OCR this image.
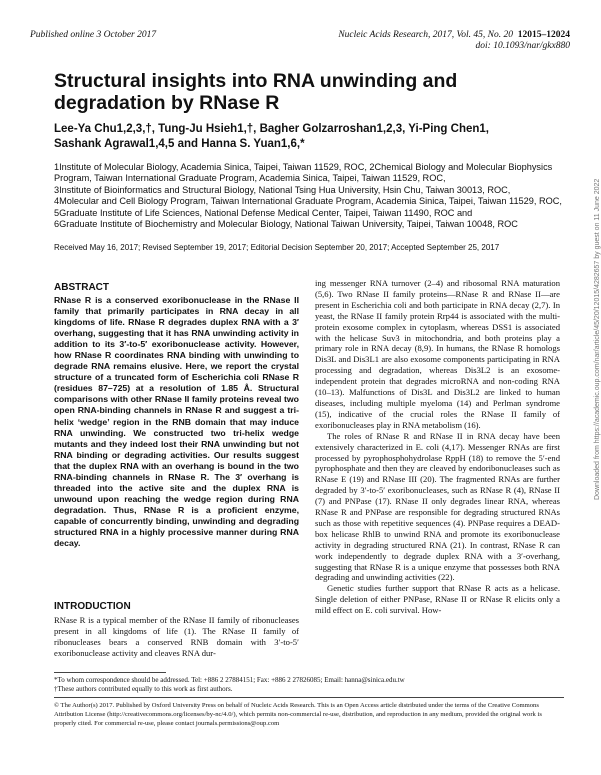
Published online 3 October 2017	Nucleic Acids Research, 2017, Vol. 45, No. 20 12015–12024
doi: 10.1093/nar/gkx880
Structural insights into RNA unwinding and degradation by RNase R
Lee-Ya Chu1,2,3,†, Tung-Ju Hsieh1,†, Bagher Golzarroshan1,2,3, Yi-Ping Chen1,
Sashank Agrawal1,4,5 and Hanna S. Yuan1,6,*
1Institute of Molecular Biology, Academia Sinica, Taipei, Taiwan 11529, ROC, 2Chemical Biology and Molecular Biophysics Program, Taiwan International Graduate Program, Academia Sinica, Taipei, Taiwan 11529, ROC,
3Institute of Bioinformatics and Structural Biology, National Tsing Hua University, Hsin Chu, Taiwan 30013, ROC,
4Molecular and Cell Biology Program, Taiwan International Graduate Program, Academia Sinica, Taipei, Taiwan 11529, ROC, 5Graduate Institute of Life Sciences, National Defense Medical Center, Taipei, Taiwan 11490, ROC and
6Graduate Institute of Biochemistry and Molecular Biology, National Taiwan University, Taipei, Taiwan 10048, ROC
Received May 16, 2017; Revised September 19, 2017; Editorial Decision September 20, 2017; Accepted September 25, 2017
ABSTRACT
RNase R is a conserved exoribonuclease in the RNase II family that primarily participates in RNA decay in all kingdoms of life. RNase R degrades duplex RNA with a 3′ overhang, suggesting that it has RNA unwinding activity in addition to its 3′-to-5′ exoribonuclease activity. However, how RNase R coordinates RNA binding with unwinding to degrade RNA remains elusive. Here, we report the crystal structure of a truncated form of Escherichia coli RNase R (residues 87–725) at a resolution of 1.85 Å. Structural comparisons with other RNase II family proteins reveal two open RNA-binding channels in RNase R and suggest a tri-helix ‘wedge’ region in the RNB domain that may induce RNA unwinding. We constructed two tri-helix wedge mutants and they indeed lost their RNA unwinding but not RNA binding or degrading activities. Our results suggest that the duplex RNA with an overhang is bound in the two RNA-binding channels in RNase R. The 3′ overhang is threaded into the active site and the duplex RNA is unwound upon reaching the wedge region during RNA degradation. Thus, RNase R is a proficient enzyme, capable of concurrently binding, unwinding and degrading structured RNA in a highly processive manner during RNA decay.
INTRODUCTION
RNase R is a typical member of the RNase II family of ribonucleases present in all kingdoms of life (1). The RNase II family of ribonucleases bears a conserved RNB domain with 3′-to-5′ exoribonuclease activity and cleaves RNA dur-

ing messenger RNA turnover (2–4) and ribosomal RNA maturation (5,6). Two RNase II family proteins—RNase R and RNase II—are present in Escherichia coli and both participate in RNA decay (2,7). In yeast, the RNase II family protein Rrp44 is associated with the multi-protein exosome complex in cytoplasm, whereas DSS1 is associated with the helicase Suv3 in mitochondria, and both proteins play a primary role in RNA decay (8,9). In humans, the RNase R homologs Dis3L and Dis3L1 are also exosome components participating in RNA processing and degradation, whereas Dis3L2 is an exosome-independent protein that degrades microRNA and non-coding RNA (10–13). Malfunctions of Dis3L and Dis3L2 are linked to human diseases, including multiple myeloma (14) and Perlman syndrome (15), indicative of the crucial roles the RNase II family of exoribonucleases play in RNA metabolism (16).

The roles of RNase R and RNase II in RNA decay have been extensively characterized in E. coli (4,17). Messenger RNAs are first processed by pyrophosphohydrolase RppH (18) to remove the 5′-end pyrophosphate and then they are cleaved by endoribonucleases such as RNase E (19) and RNase III (20). The fragmented RNAs are further degraded by 3′-to-5′ exoribonucleases, such as RNase R (4), RNase II (7) and PNPase (17). RNase II only degrades linear RNA, whereas RNase R and PNPase are responsible for degrading structured RNAs such as those with repetitive sequences (4). PNPase requires a DEAD-box helicase RhlB to unwind RNA and promote its exoribonuclease activity in degrading structured RNA (21). In contrast, RNase R can work independently to degrade duplex RNA with a 3′-overhang, suggesting that RNase R is a unique enzyme that possesses both RNA degrading and unwinding activities (22).

Genetic studies further support that RNase R acts as a helicase. Single deletion of either PNPase, RNase II or RNase R elicits only a mild effect on E. coli survival. How-

*To whom correspondence should be addressed. Tel: +886 2 27884151; Fax: +886 2 27826085; Email: hanna@sinica.edu.tw
†These authors contributed equally to this work as first authors.
© The Author(s) 2017. Published by Oxford University Press on behalf of Nucleic Acids Research. This is an Open Access article distributed under the terms of the Creative Commons Attribution License (http://creativecommons.org/licenses/by-nc/4.0/), which permits non-commercial re-use, distribution, and reproduction in any medium, provided the original work is properly cited. For commercial re-use, please contact journals.permissions@oup.com
Downloaded from https://academic.oup.com/nar/article/45/20/12015/4282657 by guest on 11 June 2022
